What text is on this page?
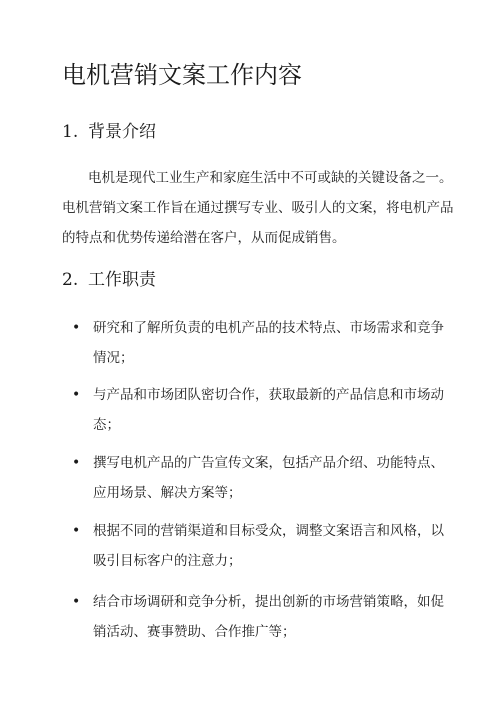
电机营销文案工作内容
1. 背景介绍

电机是现代工业生产和家庭生活中不可或缺的关键设备之一。
电机营销文案工作旨在通过撰写专业、吸引人的文案，将电机产品
的特点和优势传递给潜在客户，从而促成销售。

2. 工作职责
• 研究和了解所负责的电机产品的技术特点、市场需求和竞争
情况；
• 与产品和市场团队密切合作，获取最新的产品信息和市场动
态；
• 撰写电机产品的广告宣传文案，包括产品介绍、功能特点、
应用场景、解决方案等；
• 根据不同的营销渠道和目标受众，调整文案语言和风格，以
吸引目标客户的注意力；
• 结合市场调研和竞争分析，提出创新的市场营销策略，如促
销活动、赛事赞助、合作推广等；
